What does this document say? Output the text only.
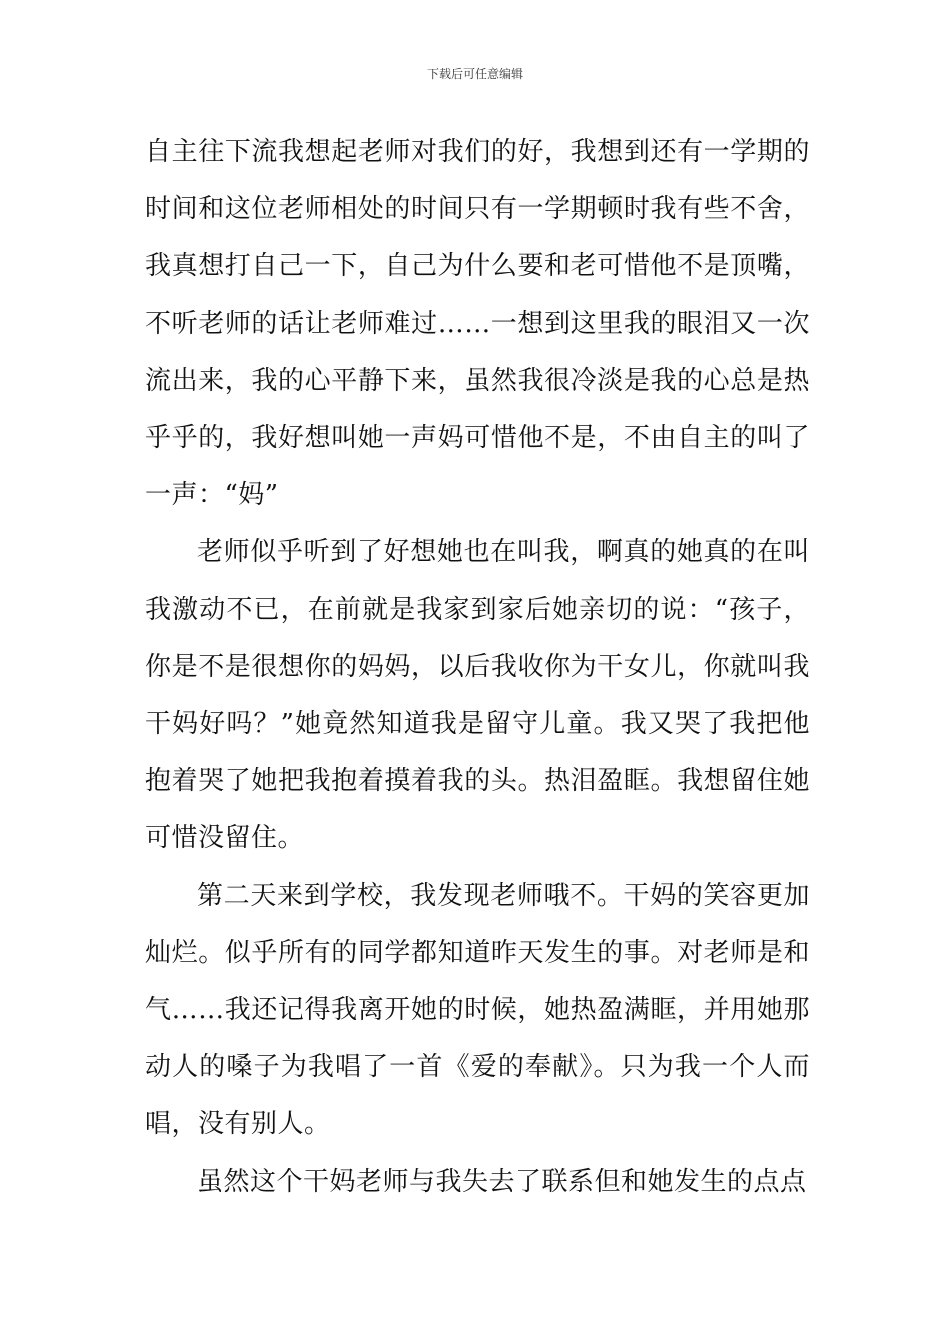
下载后可任意编辑

自主往下流我想起老师对我们的好，我想到还有一学期的时间和这位老师相处的时间只有一学期顿时我有些不舍，我真想打自己一下，自己为什么要和老可惜他不是顶嘴，不听老师的话让老师难过……一想到这里我的眼泪又一次流出来，我的心平静下来，虽然我很冷淡是我的心总是热乎乎的，我好想叫她一声妈可惜他不是，不由自主的叫了一声：“妈”

老师似乎听到了好想她也在叫我，啊真的她真的在叫我激动不已，在前就是我家到家后她亲切的说：“孩子，你是不是很想你的妈妈，以后我收你为干女儿，你就叫我干妈好吗？”她竟然知道我是留守儿童。我又哭了我把他抱着哭了她把我抱着摸着我的头。热泪盈眶。我想留住她可惜没留住。

第二天来到学校，我发现老师哦不。干妈的笑容更加灿烂。似乎所有的同学都知道昨天发生的事。对老师是和气……我还记得我离开她的时候，她热盈满眶，并用她那动人的嗓子为我唱了一首《爱的奉献》。只为我一个人而唱，没有别人。

虽然这个干妈老师与我失去了联系但和她发生的点点
